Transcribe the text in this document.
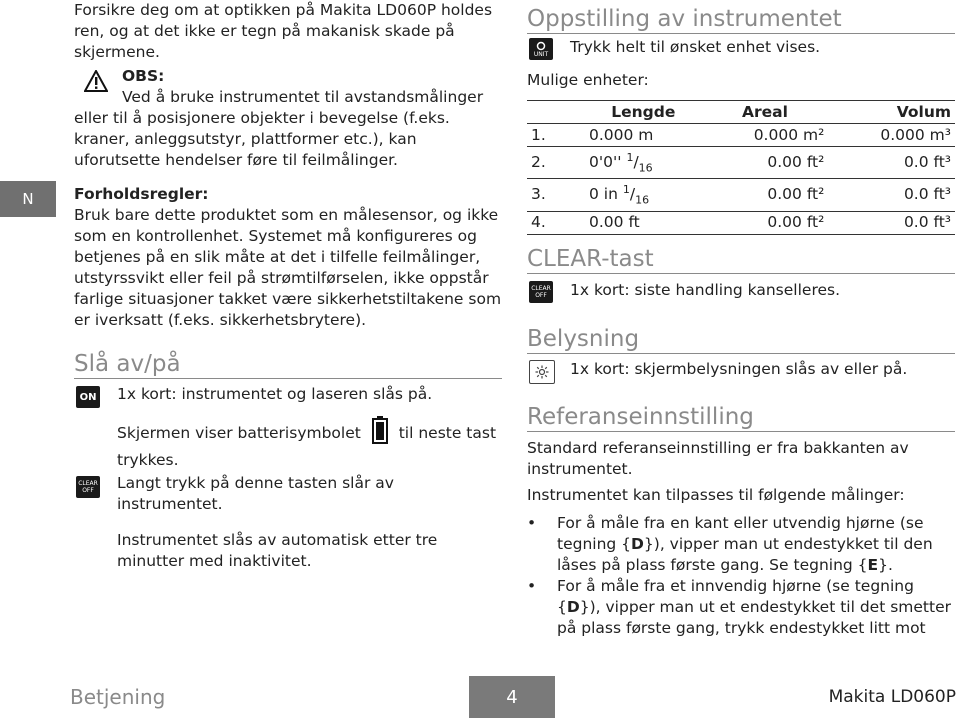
N

Forsikre deg om at optikken på Makita LD060P holdes ren, og at det ikke er tegn på makanisk skade på skjermene.

OBS:
Ved å bruke instrumentet til avstandsmålinger eller til å posisjonere objekter i bevegelse (f.eks. kraner, anleggsutstyr, plattformer etc.), kan uforutsette hendelser føre til feilmålinger.
Forholdsregler:
Bruk bare dette produktet som en målesensor, og ikke som en kontrollenhet. Systemet må konfigureres og betjenes på en slik måte at det i tilfelle feilmålinger, utstyrssvikt eller feil på strømtilførselen, ikke oppstår farlige situasjoner takket være sikkerhetstiltakene som er iverksatt (f.eks. sikkerhetsbrytere).
Slå av/på
ON 1x kort: instrumentet og laseren slås på.
Skjermen viser batterisymbolet til neste tast trykkes.
CLEAR
OFF Langt trykk på denne tasten slår av instrumentet.
Instrumentet slås av automatisk etter tre minutter med inaktivitet.
Oppstilling av instrumentet
UNIT Trykk helt til ønsket enhet vises.
Mulige enheter:
	Lengde	Areal	Volum
1.	0.000 m	0.000 m²	0.000 m³
2.	0'0'' $^1/_{16}$	0.00 ft²	0.0 ft³
3.	0 in $^1/_{16}$	0.00 ft²	0.0 ft³
4.	0.00 ft	0.00 ft²	0.0 ft³
CLEAR-tast
CLEAR
OFF 1x kort: siste handling kanselleres.
Belysning
1x kort: skjermbelysningen slås av eller på.
Referanseinnstilling
Standard referanseinnstilling er fra bakkanten av instrumentet.
Instrumentet kan tilpasses til følgende målinger:
• For å måle fra en kant eller utvendig hjørne (se tegning {D}), vipper man ut endestykket til den låses på plass første gang. Se tegning {E}.
• For å måle fra et innvendig hjørne (se tegning {D}), vipper man ut et endestykket til det smetter på plass første gang, trykk endestykket litt mot
Betjening	4	Makita LD060P
